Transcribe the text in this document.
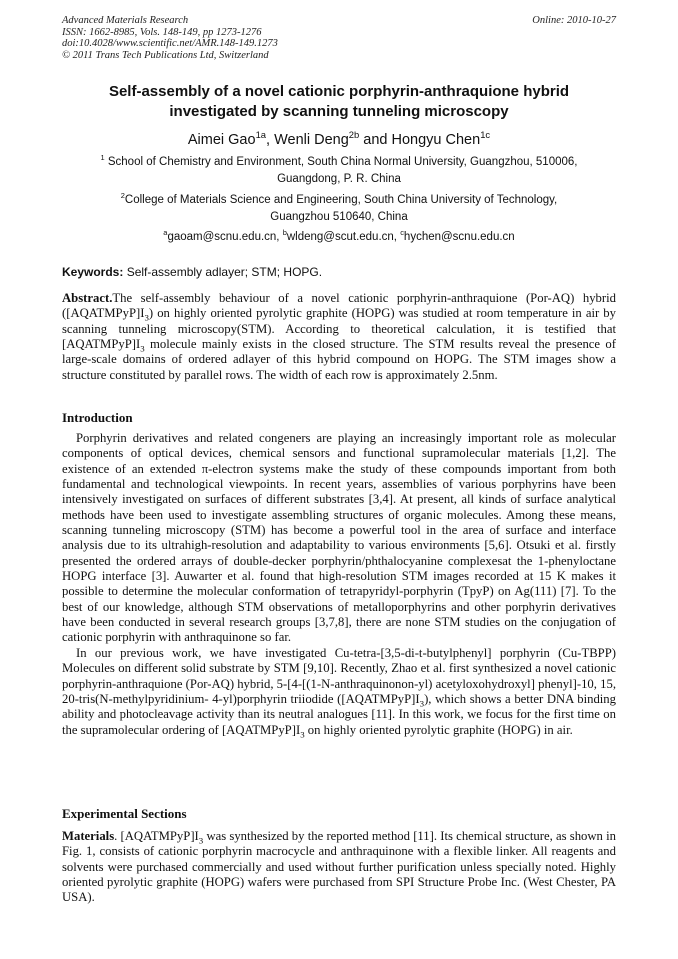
Advanced Materials Research
ISSN: 1662-8985, Vols. 148-149, pp 1273-1276
doi:10.4028/www.scientific.net/AMR.148-149.1273
© 2011 Trans Tech Publications Ltd, Switzerland
Online: 2010-10-27
Self-assembly of a novel cationic porphyrin-anthraquione hybrid
investigated by scanning tunneling microscopy
Aimei Gao$^{1a}$, Wenli Deng$^{2b}$ and Hongyu Chen$^{1c}$
$^1$ School of Chemistry and Environment, South China Normal University, Guangzhou, 510006,
Guangdong, P. R. China
$^2$College of Materials Science and Engineering, South China University of Technology,
Guangzhou 510640, China
$^a$gaoam@scnu.edu.cn, $^b$wldeng@scut.edu.cn, $^c$hychen@scnu.edu.cn
Keywords: Self-assembly adlayer; STM; HOPG.

Abstract.The self-assembly behaviour of a novel cationic porphyrin-anthraquione (Por-AQ) hybrid $([AQATMPyP]I_3)$ on highly oriented pyrolytic graphite (HOPG) was studied at room temperature in air by scanning tunneling microscopy(STM). According to theoretical calculation, it is testified that $[AQATMPyP]I_3$ molecule mainly exists in the closed structure. The STM results reveal the presence of large-scale domains of ordered adlayer of this hybrid compound on HOPG. The STM images show a structure constituted by parallel rows. The width of each row is approximately 2.5nm.

Introduction

Porphyrin derivatives and related congeners are playing an increasingly important role as molecular components of optical devices, chemical sensors and functional supramolecular materials [1,2]. The existence of an extended π-electron systems make the study of these compounds important from both fundamental and technological viewpoints. In recent years, assemblies of various porphyrins have been intensively investigated on surfaces of different substrates [3,4]. At present, all kinds of surface analytical methods have been used to investigate assembling structures of organic molecules. Among these means, scanning tunneling microscopy (STM) has become a powerful tool in the area of surface and interface analysis due to its ultrahigh-resolution and adaptability to various environments [5,6]. Otsuki et al. firstly presented the ordered arrays of double-decker porphyrin/phthalocyanine complexesat the 1-phenyloctane HOPG interface [3]. Auwarter et al. found that high-resolution STM images recorded at 15 K makes it possible to determine the molecular conformation of tetrapyridyl-porphyrin (TpyP) on Ag(111) [7]. To the best of our knowledge, although STM observations of metalloporphyrins and other porphyrin derivatives have been conducted in several research groups [3,7,8], there are none STM studies on the conjugation of cationic porphyrin with anthraquinone so far.

In our previous work, we have investigated Cu-tetra-[3,5-di-t-butylphenyl] porphyrin (Cu-TBPP) Molecules on different solid substrate by STM [9,10]. Recently, Zhao et al. first synthesized a novel cationic porphyrin-anthraquione (Por-AQ) hybrid, 5-[4-[(1-N-anthraquinonon-yl) acetyloxohydroxyl] phenyl]-10, 15, 20-tris(N-methylpyridinium- 4-yl)porphyrin triiodide $([AQATMPyP]I_3)$, which shows a better DNA binding ability and photocleavage activity than its neutral analogues [11]. In this work, we focus for the first time on the supramolecular ordering of $[AQATMPyP]I_3$ on highly oriented pyrolytic graphite (HOPG) in air.

Experimental Sections

Materials. $[AQATMPyP]I_3$ was synthesized by the reported method [11]. Its chemical structure, as shown in Fig. 1, consists of cationic porphyrin macrocycle and anthraquinone with a flexible linker. All reagents and solvents were purchased commercially and used without further purification unless specially noted. Highly oriented pyrolytic graphite (HOPG) wafers were purchased from SPI Structure Probe Inc. (West Chester, PA USA).
